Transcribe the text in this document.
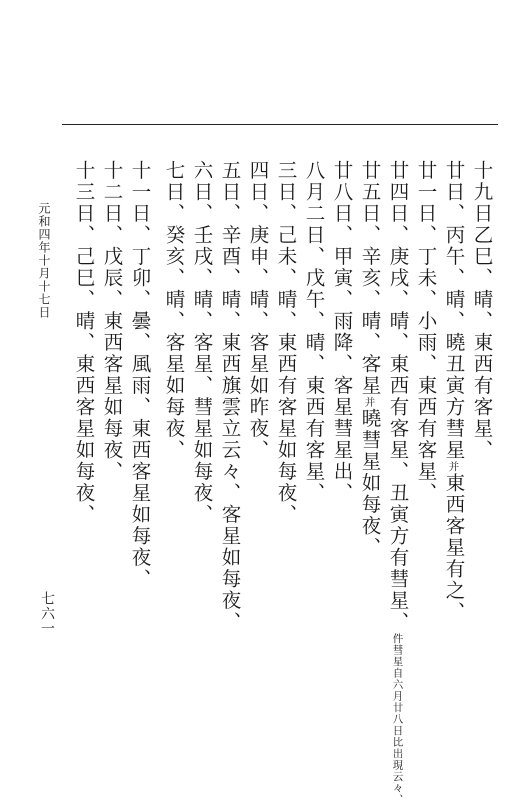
十九日乙巳、晴、東西有客星、
廿日、丙午、晴、曉丑寅方彗星并東西客星有之、
廿一日、丁未、小雨、東西有客星、
廿四日、庚戌、晴、東西有客星、丑寅方有彗星、件彗星自六月廿八日比出現云々、
廿五日、辛亥、晴、客星并曉彗星如每夜、
廿八日、甲寅、雨降、客星彗星出、
八月二日、戊午、晴、東西有客星、
三日、己未、晴、東西有客星如每夜、
四日、庚申、晴、客星如昨夜、
五日、辛酉、晴、東西旗雲立云々、客星如每夜、
六日、壬戌、晴、客星、彗星如每夜、
七日、癸亥、晴、客星如每夜、
十一日、丁卯、曇、風雨、東西客星如每夜、
十二日、戊辰、東西客星如每夜、
十三日、己巳、晴、東西客星如每夜、
元和四年十月十七日
七六一
